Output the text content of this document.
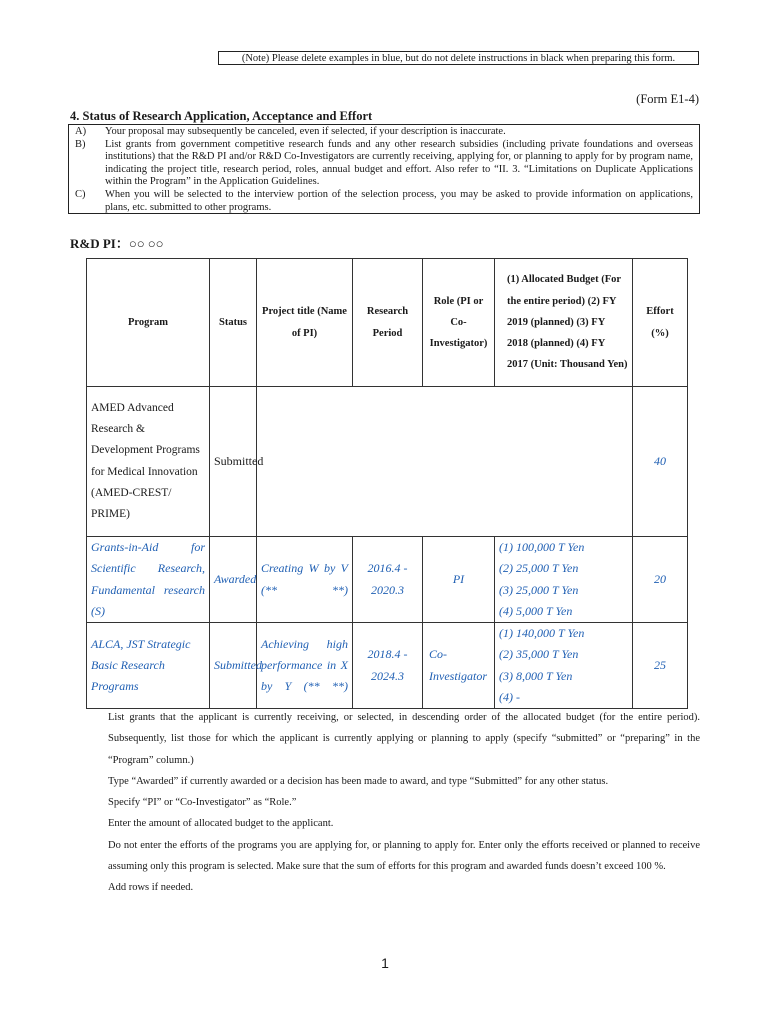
(Note) Please delete examples in blue, but do not delete instructions in black when preparing this form.
(Form E1-4)
4. Status of Research Application, Acceptance and Effort
A)	Your proposal may subsequently be canceled, even if selected, if your description is inaccurate.
B)	List grants from government competitive research funds and any other research subsidies (including private foundations and overseas institutions) that the R&D PI and/or R&D Co-Investigators are currently receiving, applying for, or planning to apply for by program name, indicating the project title, research period, roles, annual budget and effort. Also refer to “II. 3. “Limitations on Duplicate Applications within the Program” in the Application Guidelines.
C)	When you will be selected to the interview portion of the selection process, you may be asked to provide information on applications, plans, etc. submitted to other programs.
R&D PI：○○ ○○
Program	Status	Project title (Name of PI)	Research Period	Role (PI or Co-Investigator)	(1) Allocated Budget (For the entire period) (2) FY 2019 (planned) (3) FY 2018 (planned) (4) FY 2017 (Unit: Thousand Yen)	Effort (%)
AMED Advanced Research & Development Programs for Medical Innovation (AMED-CREST/ PRIME)	Submitted					40
Grants-in-Aid for Scientific Research, Fundamental research (S)	Awarded	Creating W by V (** **)	2016.4 - 2020.3	PI	(1) 100,000 T Yen
(2) 25,000 T Yen
(3) 25,000 T Yen
(4) 5,000 T Yen	20
ALCA, JST Strategic Basic Research Programs	Submitted	Achieving high performance in X by Y (** **)	2018.4 - 2024.3	Co-Investigator	(1) 140,000 T Yen
(2) 35,000 T Yen
(3) 8,000 T Yen
(4) -	25
List grants that the applicant is currently receiving, or selected, in descending order of the allocated budget (for the entire period). Subsequently, list those for which the applicant is currently applying or planning to apply (specify “submitted” or “preparing” in the “Program” column.)
Type “Awarded” if currently awarded or a decision has been made to award, and type “Submitted” for any other status.
Specify “PI” or “Co-Investigator” as “Role.”
Enter the amount of allocated budget to the applicant.
Do not enter the efforts of the programs you are applying for, or planning to apply for. Enter only the efforts received or planned to receive assuming only this program is selected. Make sure that the sum of efforts for this program and awarded funds doesn’t exceed 100 %.
Add rows if needed.
1
